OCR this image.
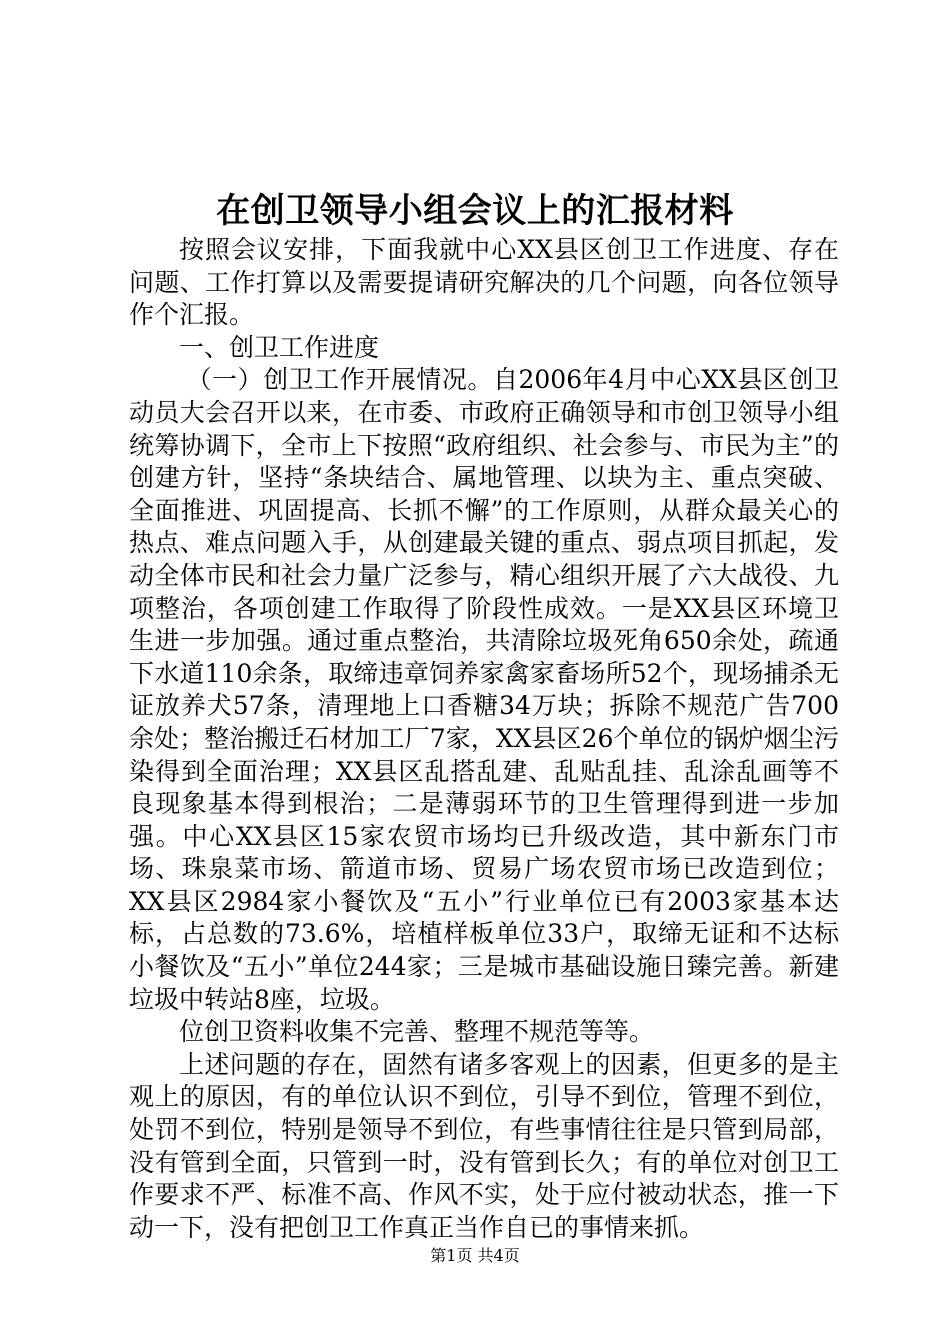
在创卫领导小组会议上的汇报材料

按照会议安排，下面我就中心XX县区创卫工作进度、存在问题、工作打算以及需要提请研究解决的几个问题，向各位领导作个汇报。

一、创卫工作进度

（一）创卫工作开展情况。自2006年4月中心XX县区创卫动员大会召开以来，在市委、市政府正确领导和市创卫领导小组统筹协调下，全市上下按照“政府组织、社会参与、市民为主”的创建方针，坚持“条块结合、属地管理、以块为主、重点突破、全面推进、巩固提高、长抓不懈”的工作原则，从群众最关心的热点、难点问题入手，从创建最关键的重点、弱点项目抓起，发动全体市民和社会力量广泛参与，精心组织开展了六大战役、九项整治，各项创建工作取得了阶段性成效。一是XX县区环境卫生进一步加强。通过重点整治，共清除垃圾死角650余处，疏通下水道110余条，取缔违章饲养家禽家畜场所52个，现场捕杀无证放养犬57条，清理地上口香糖34万块；拆除不规范广告700余处；整治搬迁石材加工厂7家，XX县区26个单位的锅炉烟尘污染得到全面治理；XX县区乱搭乱建、乱贴乱挂、乱涂乱画等不良现象基本得到根治；二是薄弱环节的卫生管理得到进一步加强。中心XX县区15家农贸市场均已升级改造，其中新东门市场、珠泉菜市场、箭道市场、贸易广场农贸市场已改造到位；XX县区2984家小餐饮及“五小”行业单位已有2003家基本达标，占总数的73.6%，培植样板单位33户，取缔无证和不达标小餐饮及“五小”单位244家；三是城市基础设施日臻完善。新建垃圾中转站8座，垃圾。

位创卫资料收集不完善、整理不规范等等。

上述问题的存在，固然有诸多客观上的因素，但更多的是主观上的原因，有的单位认识不到位，引导不到位，管理不到位，处罚不到位，特别是领导不到位，有些事情往往是只管到局部，没有管到全面，只管到一时，没有管到长久；有的单位对创卫工作要求不严、标准不高、作风不实，处于应付被动状态，推一下动一下，没有把创卫工作真正当作自已的事情来抓。

第1页 共4页
